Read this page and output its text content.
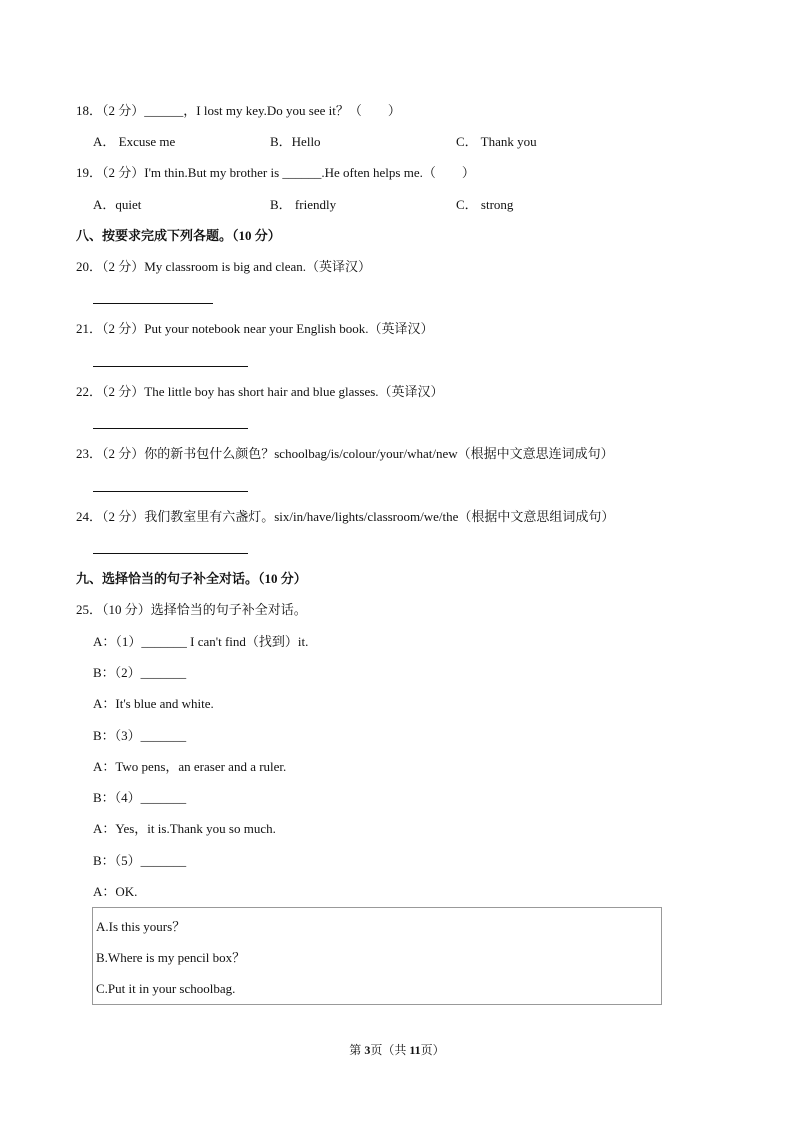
18．（2 分）______，I lost my key.Do you see it？（　　）
A． Excuse me	B．Hello	C． Thank you
19．（2 分）I'm thin.But my brother is ______.He often helps me.（　　）
A．quiet	B． friendly	C． strong
八、按要求完成下列各题。（10 分）
20．（2 分）My classroom is big and clean.（英译汉）
21．（2 分）Put your notebook near your English book.（英译汉）
22．（2 分）The little boy has short hair and blue glasses.（英译汉）
23．（2 分）你的新书包什么颜色？schoolbag/is/colour/your/what/new（根据中文意思连词成句）
24．（2 分）我们教室里有六盏灯。six/in/have/lights/classroom/we/the（根据中文意思组词成句）
九、选择恰当的句子补全对话。（10 分）
25．（10 分）选择恰当的句子补全对话。
A：（1）_______ I can't find（找到）it.
B：（2）_______
A：It's blue and white.
B：（3）_______
A：Two pens，an eraser and a ruler.
B：（4）_______
A：Yes，it is.Thank you so much.
B：（5）_______
A：OK.
A.Is this yours？
B.Where is my pencil box？
C.Put it in your schoolbag.
第 3页（共 11页）
